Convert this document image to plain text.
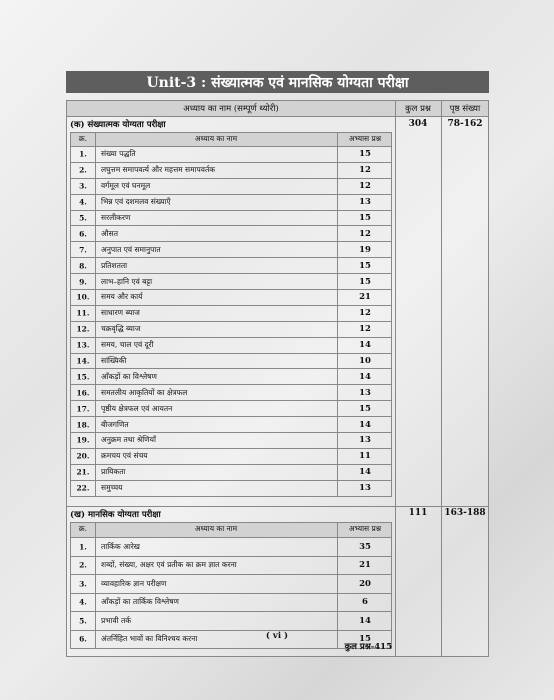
Unit-3 : संख्यात्मक एवं मानसिक योग्यता परीक्षा
अध्याय का नाम (सम्पूर्ण थ्योरी)	कुल प्रश्न	पृष्ठ संख्या
(क) संख्यात्मक योग्यता परीक्षा	304	78-162
क्र.	अध्याय का नाम	अभ्यास प्रश्न
1.	संख्या पद्धति	15
2.	लघुत्तम समापवर्त्य और महत्तम समापवर्तक	12
3.	वर्गमूल एवं घनमूल	12
4.	भिन्न एवं दशमलव संख्याएँ	13
5.	सरलीकरण	15
6.	औसत	12
7.	अनुपात एवं समानुपात	19
8.	प्रतिशतता	15
9.	लाभ–हानि एवं बट्टा	15
10.	समय और कार्य	21
11.	साधारण ब्याज	12
12.	चक्रवृद्धि ब्याज	12
13.	समय, चाल एवं दूरी	14
14.	सांख्यिकी	10
15.	आँकड़ों का विश्लेषण	14
16.	समतलीय आकृतियों का क्षेत्रफल	13
17.	पृष्ठीय क्षेत्रफल एवं आयतन	15
18.	बीजगणित	14
19.	अनुक्रम तथा श्रेणियाँ	13
20.	क्रमचय एवं संचय	11
21.	प्रायिकता	14
22.	समुच्चय	13
(ख) मानसिक योग्यता परीक्षा	111	163-188
क्र.	अध्याय का नाम	अभ्यास प्रश्न
1.	तार्किक आरेख	35
2.	शब्दों, संख्या, अक्षर एवं प्रतीक का क्रम ज्ञात करना	21
3.	व्यावहारिक ज्ञान परीक्षण	20
4.	आँकड़ों का तार्किक विश्लेषण	6
5.	प्रभावी तर्क	14
6.	अंतर्निहित भावों का विनिश्चय करना	15
कुल प्रश्न-415
( vi )
